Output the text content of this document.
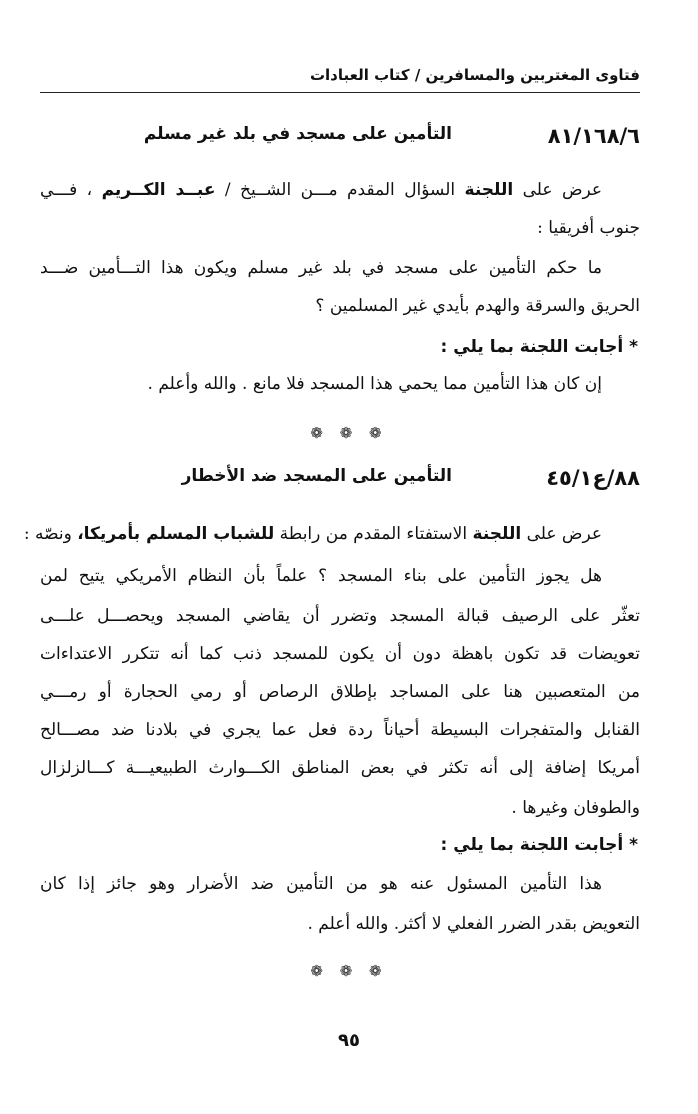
فتاوى المغتربين والمسافرين / كتاب العبادات
٨١/١٦٨/٦
التأمين على مسجد في بلد غير مسلم
عرض على اللجنة السؤال المقدم مـــن الشــيخ / عبــد الكــريم ، فـــي
جنوب أفريقيا :
ما حكم التأمين على مسجد في بلد غير مسلم ويكون هذا التـــأمين ضـــد
الحريق والسرقة والهدم بأيدي غير المسلمين ؟
* أجابت اللجنة بما يلي :
إن كان هذا التأمين مما يحمي هذا المسجد فلا مانع . والله وأعلم .
❁ ❁ ❁
٨٨/ع٤٥/١
التأمين على المسجد ضد الأخطار
عرض على اللجنة الاستفتاء المقدم من رابطة للشباب المسلم بأمريكا، ونصّه :
هل يجوز التأمين على بناء المسجد ؟ علماً بأن النظام الأمريكي يتيح لمن
تعثّر على الرصيف قبالة المسجد وتضرر أن يقاضي المسجد ويحصـــل علـــى
تعويضات قد تكون باهظة دون أن يكون للمسجد ذنب كما أنه تتكرر الاعتداءات
من المتعصبين هنا على المساجد بإطلاق الرصاص أو رمي الحجارة أو رمـــي
القنابل والمتفجرات البسيطة أحياناً ردة فعل عما يجري في بلادنا ضد مصـــالح
أمريكا إضافة إلى أنه تكثر في بعض المناطق الكـــوارث الطبيعيـــة كـــالزلزال
والطوفان وغيرها .
* أجابت اللجنة بما يلي :
هذا التأمين المسئول عنه هو من التأمين ضد الأضرار وهو جائز إذا كان
التعويض بقدر الضرر الفعلي لا أكثر. والله أعلم .
❁ ❁ ❁
٩٥
